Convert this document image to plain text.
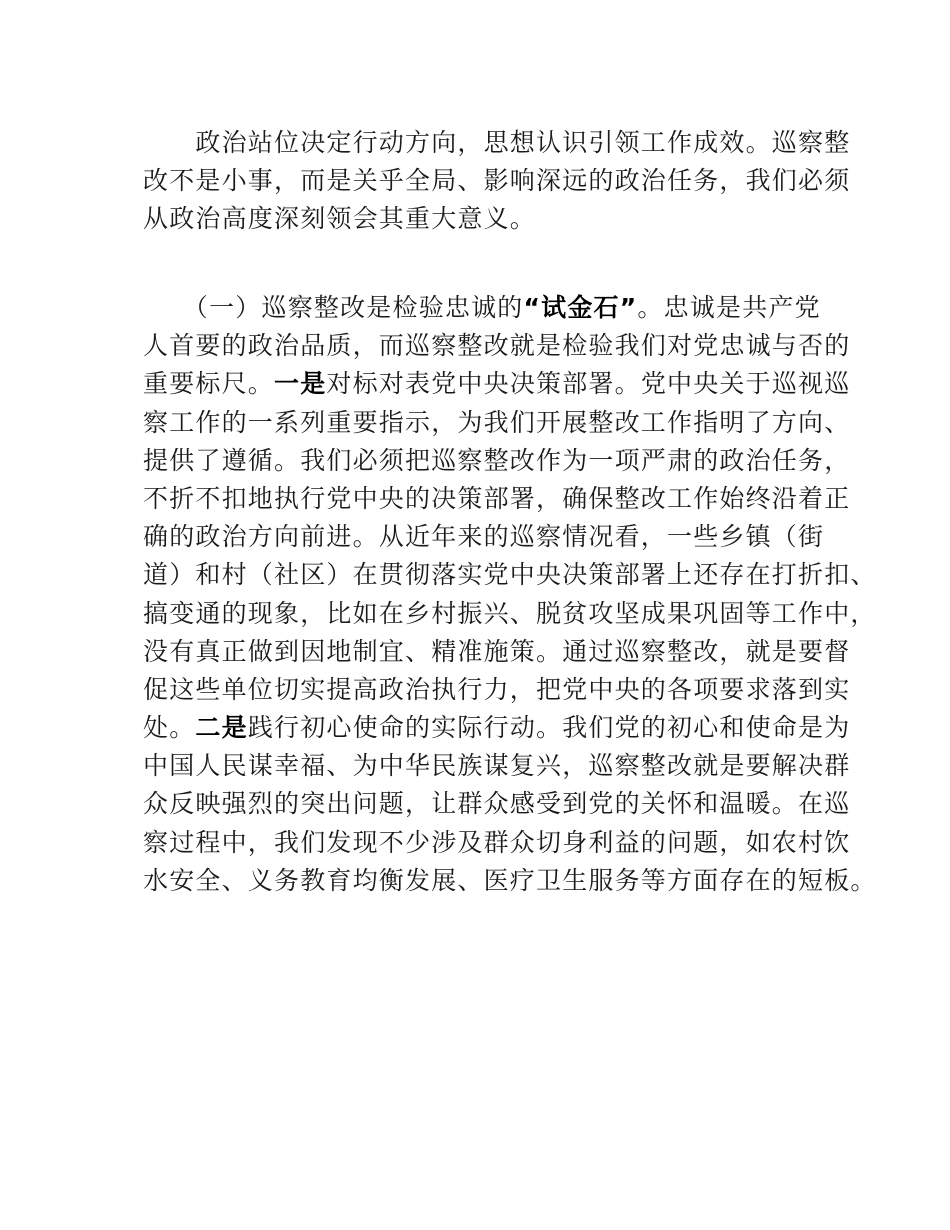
　　政治站位决定行动方向，思想认识引领工作成效。巡察整
改不是小事，而是关乎全局、影响深远的政治任务，我们必须
从政治高度深刻领会其重大意义。
　　（一）巡察整改是检验忠诚的“试金石”。忠诚是共产党
人首要的政治品质，而巡察整改就是检验我们对党忠诚与否的
重要标尺。一是对标对表党中央决策部署。党中央关于巡视巡
察工作的一系列重要指示，为我们开展整改工作指明了方向、
提供了遵循。我们必须把巡察整改作为一项严肃的政治任务，
不折不扣地执行党中央的决策部署，确保整改工作始终沿着正
确的政治方向前进。从近年来的巡察情况看，一些乡镇（街
道）和村（社区）在贯彻落实党中央决策部署上还存在打折扣、
搞变通的现象，比如在乡村振兴、脱贫攻坚成果巩固等工作中，
没有真正做到因地制宜、精准施策。通过巡察整改，就是要督
促这些单位切实提高政治执行力，把党中央的各项要求落到实
处。二是践行初心使命的实际行动。我们党的初心和使命是为
中国人民谋幸福、为中华民族谋复兴，巡察整改就是要解决群
众反映强烈的突出问题，让群众感受到党的关怀和温暖。在巡
察过程中，我们发现不少涉及群众切身利益的问题，如农村饮
水安全、义务教育均衡发展、医疗卫生服务等方面存在的短板。
